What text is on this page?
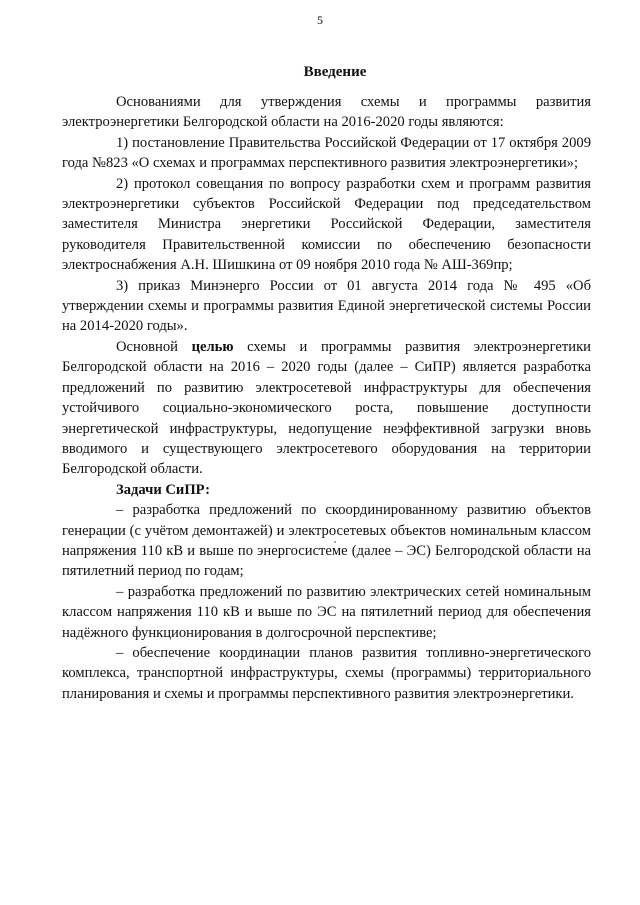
5
Введение

Основаниями для утверждения схемы и программы развития электроэнергетики Белгородской области на 2016-2020 годы являются:

1) постановление Правительства Российской Федерации от 17 октября 2009 года №823 «О схемах и программах перспективного развития электроэнергетики»;

2) протокол совещания по вопросу разработки схем и программ развития электроэнергетики субъектов Российской Федерации под председательством заместителя Министра энергетики Российской Федерации, заместителя руководителя Правительственной комиссии по обеспечению безопасности электроснабжения А.Н. Шишкина от 09 ноября 2010 года № АШ-369пр;

3) приказ Минэнерго России от 01 августа 2014 года № 495 «Об утверждении схемы и программы развития Единой энергетической системы России на 2014-2020 годы».

Основной целью схемы и программы развития электроэнергетики Белгородской области на 2016 – 2020 годы (далее – СиПР) является разработка предложений по развитию электросетевой инфраструктуры для обеспечения устойчивого социально-экономического роста, повышение доступности энергетической инфраструктуры, недопущение неэффективной загрузки вновь вводимого и существующего электросетевого оборудования на территории Белгородской области.

Задачи СиПР:

– разработка предложений по скоординированному развитию объектов генерации (с учётом демонтажей) и электросетевых объектов номинальным классом напряжения 110 кВ и выше по энергосистеме (далее – ЭС) Белгородской области на пятилетний период по годам;

– разработка предложений по развитию электрических сетей номинальным классом напряжения 110 кВ и выше по ЭС на пятилетний период для обеспечения надёжного функционирования в долгосрочной перспективе;

– обеспечение координации планов развития топливно-энергетического комплекса, транспортной инфраструктуры, схемы (программы) территориального планирования и схемы и программы перспективного развития электроэнергетики.
